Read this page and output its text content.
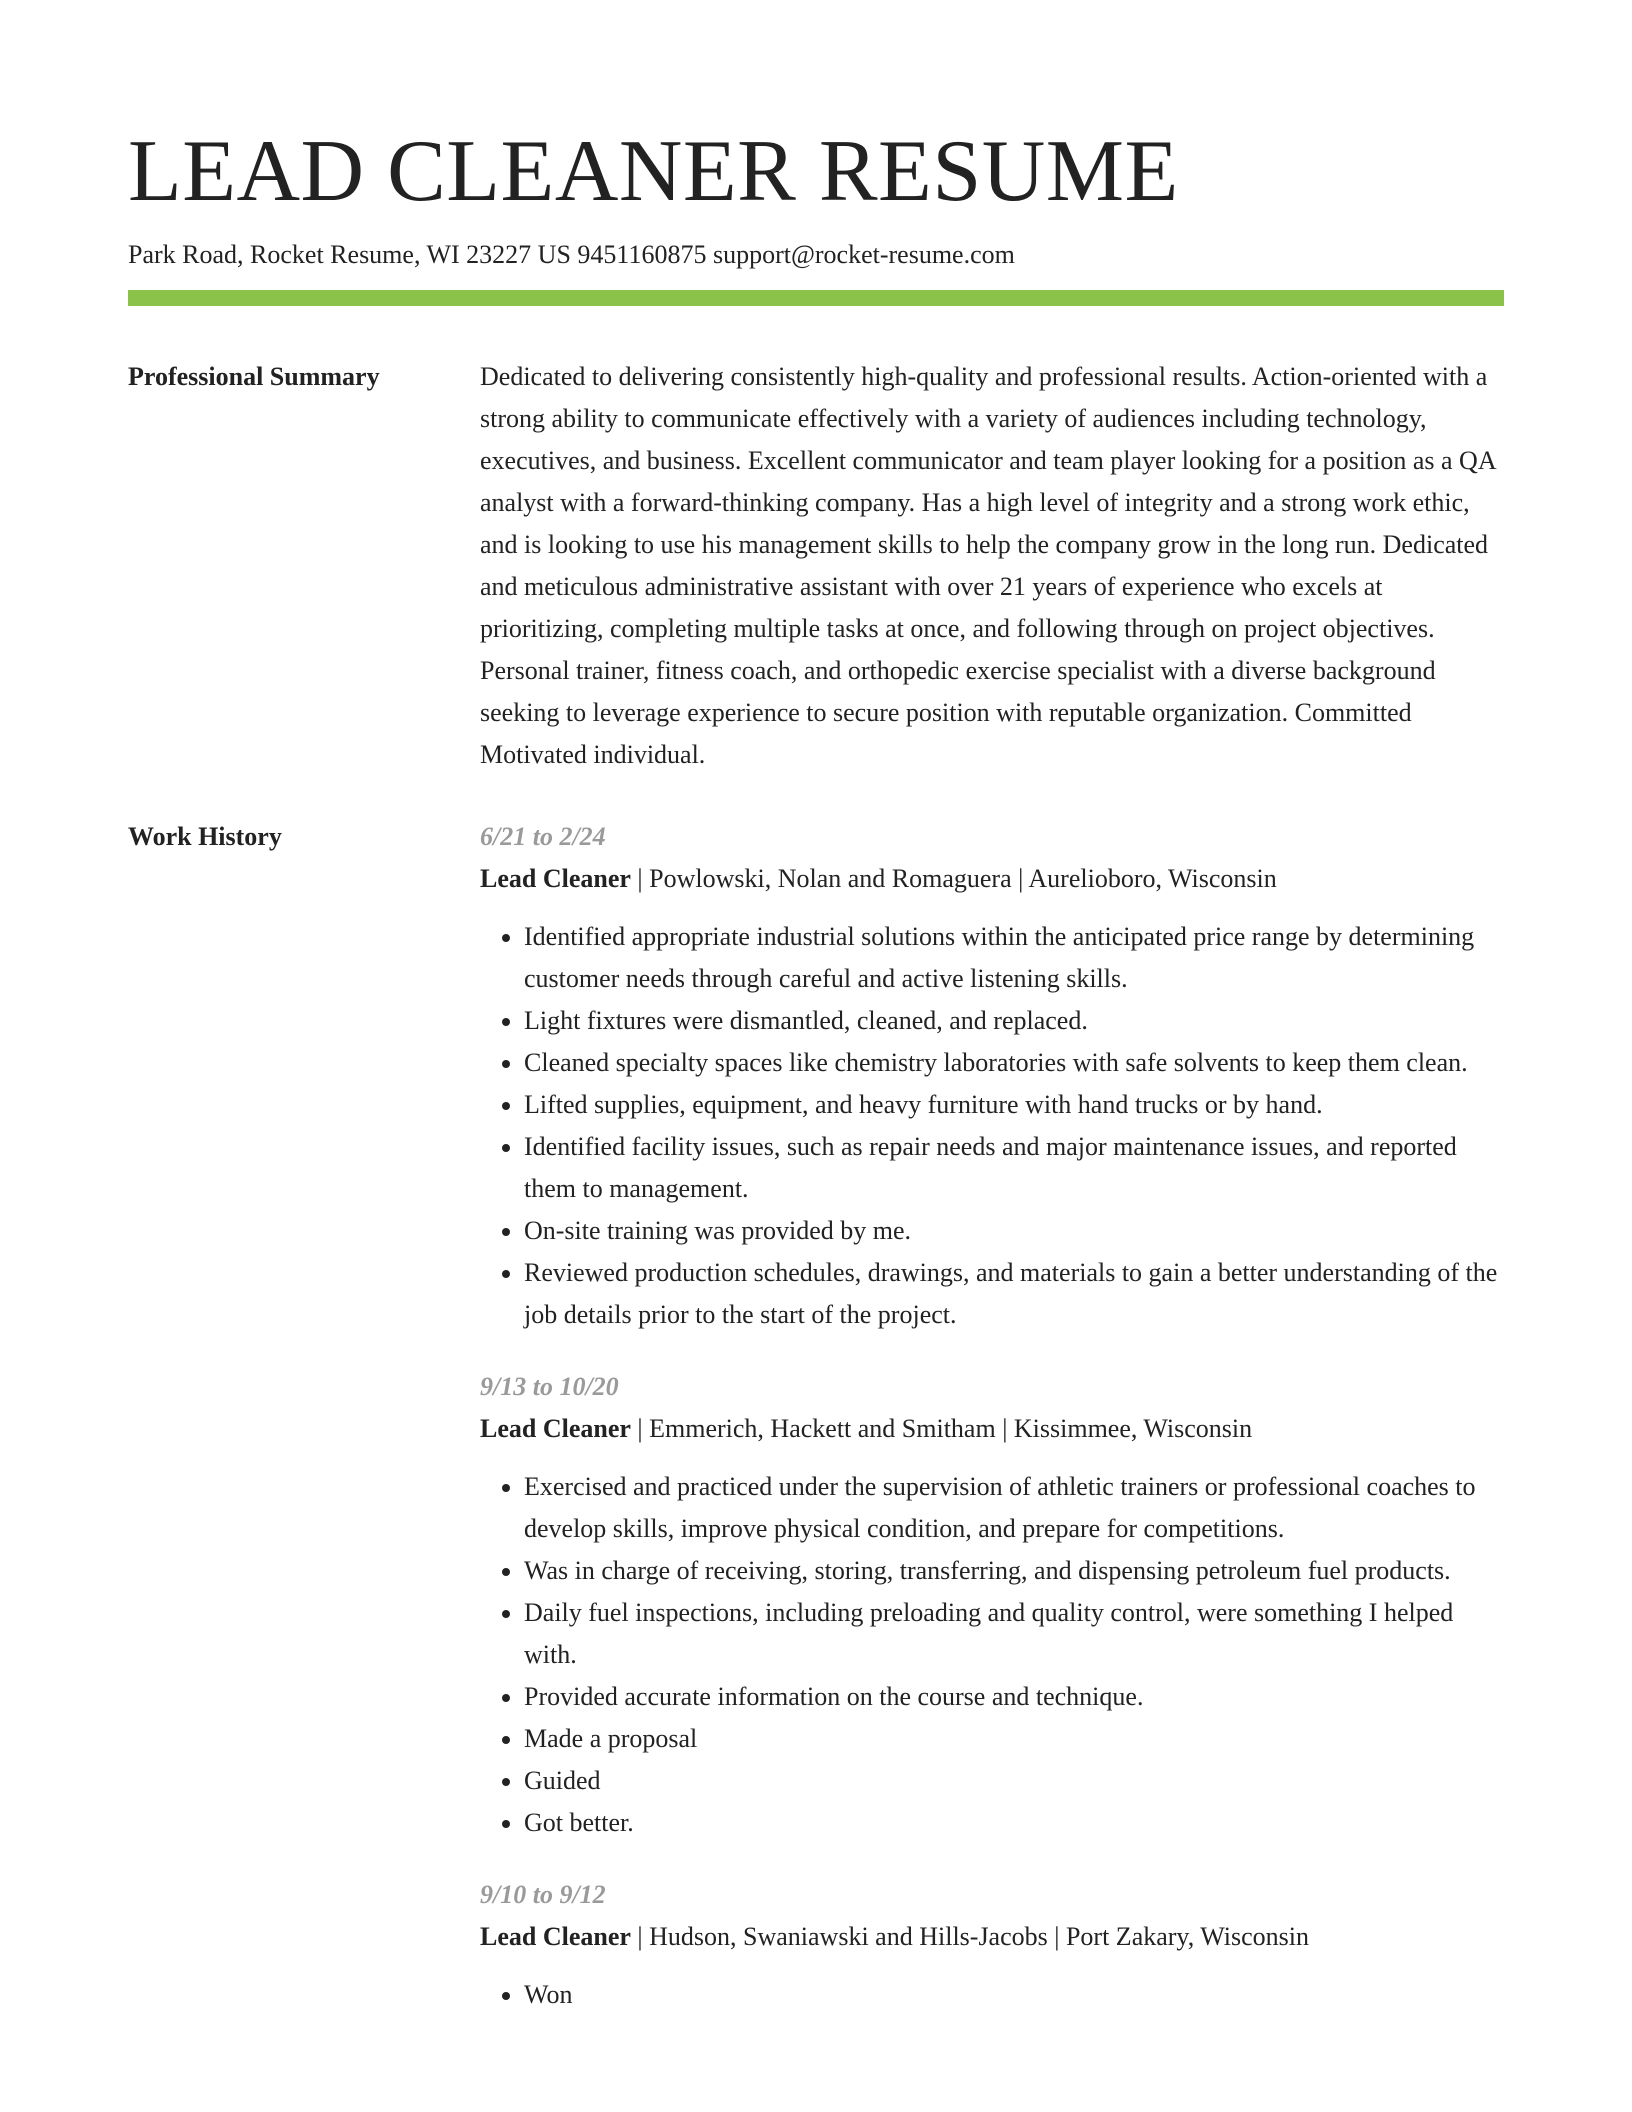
LEAD CLEANER RESUME
Park Road, Rocket Resume, WI 23227 US 9451160875 support@rocket-resume.com
Professional Summary	Dedicated to delivering consistently high-quality and professional results. Action-oriented with a strong ability to communicate effectively with a variety of audiences including technology, executives, and business. Excellent communicator and team player looking for a position as a QA analyst with a forward-thinking company. Has a high level of integrity and a strong work ethic, and is looking to use his management skills to help the company grow in the long run. Dedicated and meticulous administrative assistant with over 21 years of experience who excels at prioritizing, completing multiple tasks at once, and following through on project objectives. Personal trainer, fitness coach, and orthopedic exercise specialist with a diverse background seeking to leverage experience to secure position with reputable organization. Committed Motivated individual.

Work History	6/21 to 2/24
Lead Cleaner | Powlowski, Nolan and Romaguera | Aurelioboro, Wisconsin
• Identified appropriate industrial solutions within the anticipated price range by determining customer needs through careful and active listening skills.
• Light fixtures were dismantled, cleaned, and replaced.
• Cleaned specialty spaces like chemistry laboratories with safe solvents to keep them clean.
• Lifted supplies, equipment, and heavy furniture with hand trucks or by hand.
• Identified facility issues, such as repair needs and major maintenance issues, and reported them to management.
• On-site training was provided by me.
• Reviewed production schedules, drawings, and materials to gain a better understanding of the job details prior to the start of the project.
9/13 to 10/20
Lead Cleaner | Emmerich, Hackett and Smitham | Kissimmee, Wisconsin
• Exercised and practiced under the supervision of athletic trainers or professional coaches to develop skills, improve physical condition, and prepare for competitions.
• Was in charge of receiving, storing, transferring, and dispensing petroleum fuel products.
• Daily fuel inspections, including preloading and quality control, were something I helped with.
• Provided accurate information on the course and technique.
• Made a proposal
• Guided
• Got better.
9/10 to 9/12
Lead Cleaner | Hudson, Swaniawski and Hills-Jacobs | Port Zakary, Wisconsin
• Won
